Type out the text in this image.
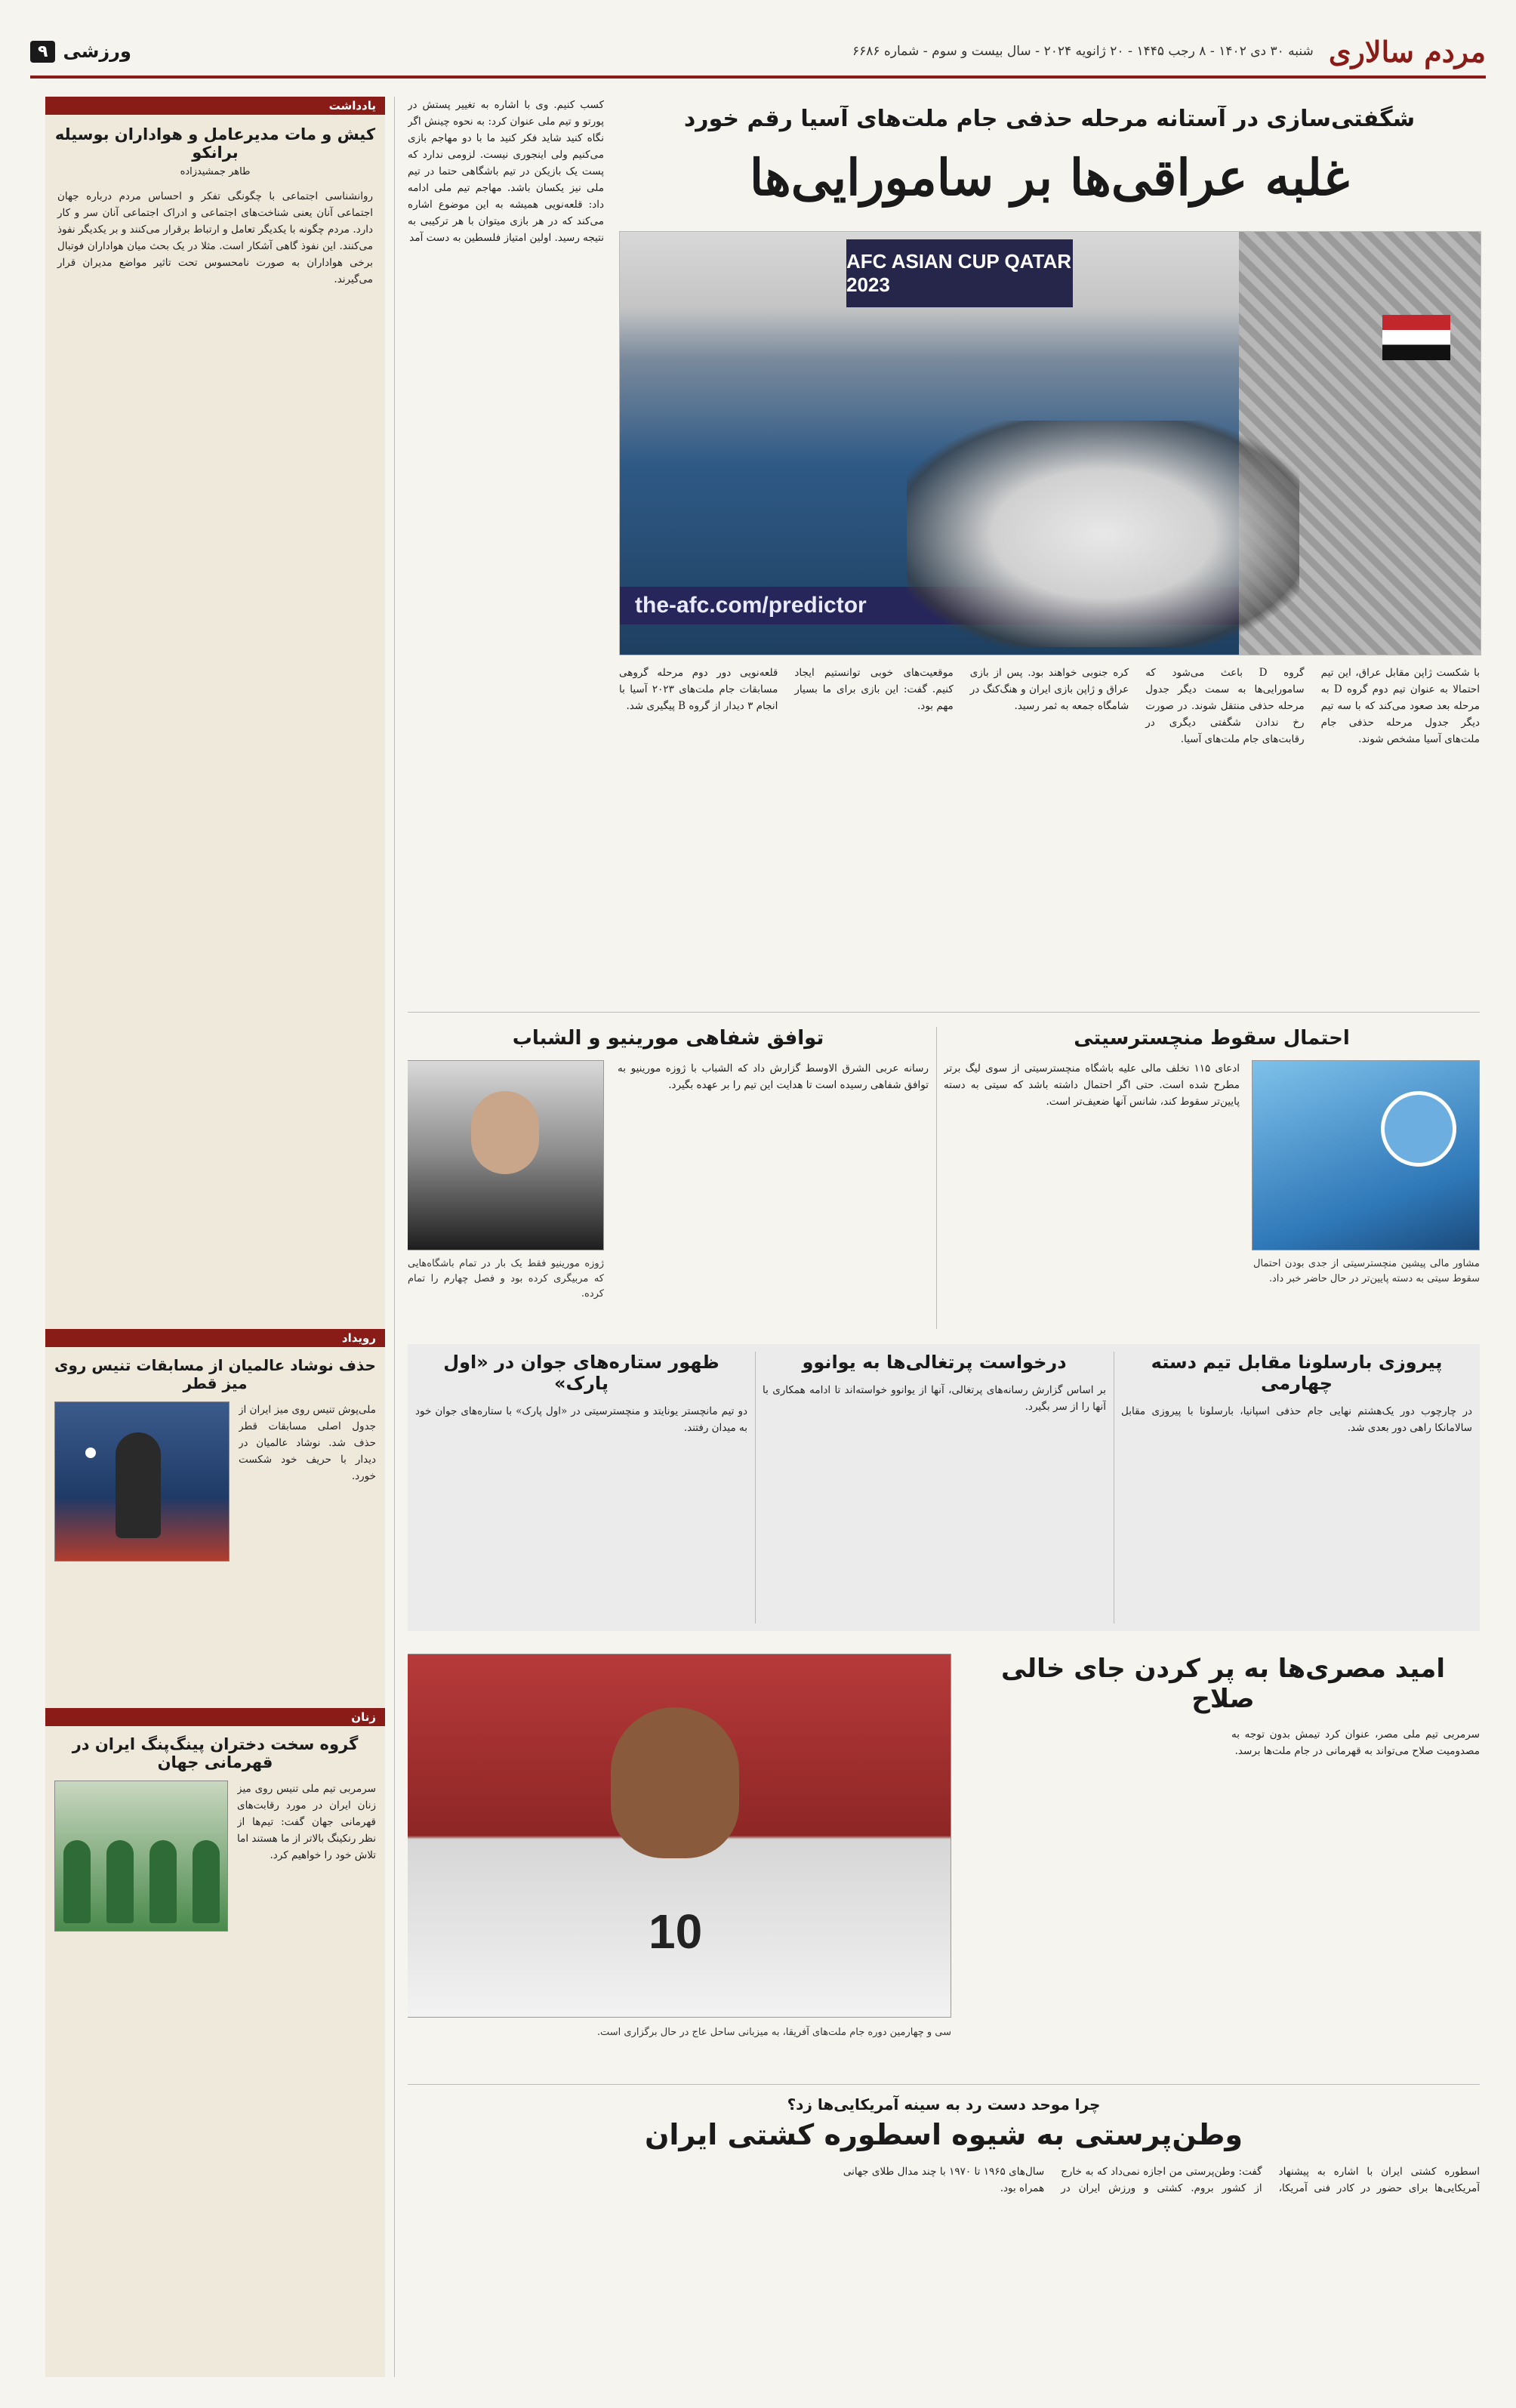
مردم سالاری
شنبه ۳۰ دی ۱۴۰۲ - ۸ رجب ۱۴۴۵ - ۲۰ ژانویه ۲۰۲۴ - سال بیست و سوم - شماره ۶۶۸۶
ورزشی
۹
یادداشت
کیش و مات مدیرعامل و هواداران بوسیله برانکو
طاهر جمشیدزاده
روانشناسی اجتماعی با چگونگی تفکر و احساس مردم درباره جهان اجتماعی آنان یعنی شناخت‌های اجتماعی و ادراک اجتماعی آنان سر و کار دارد. مردم چگونه با یکدیگر تعامل و ارتباط برقرار می‌کنند و بر یکدیگر نفوذ می‌کنند. این نفوذ گاهی آشکار است. مثلا در یک بحث میان هواداران فوتبال برخی هواداران به صورت نامحسوس تحت تاثیر مواضع مدیران قرار می‌گیرند.
رویداد
حذف نوشاد عالمیان از مسابقات تنیس روی میز قطر
ملی‌پوش تنیس روی میز ایران از جدول اصلی مسابقات قطر حذف شد. نوشاد عالمیان در دیدار با حریف خود شکست خورد.
زنان
گروه سخت دختران پینگ‌پنگ ایران در قهرمانی جهان
سرمربی تیم ملی تنیس روی میز زنان ایران در مورد رقابت‌های قهرمانی جهان گفت: تیم‌ها از نظر رنکینگ بالاتر از ما هستند اما تلاش خود را خواهیم کرد.
کسب کنیم. وی با اشاره به تغییر پستش در پورتو و تیم ملی عنوان کرد: به نحوه چینش اگر نگاه کنید شاید فکر کنید ما با دو مهاجم بازی می‌کنیم ولی اینجوری نیست. لزومی ندارد که پست یک بازیکن در تیم باشگاهی حتما در تیم ملی نیز یکسان باشد. مهاجم تیم ملی ادامه داد: قلعه‌نویی همیشه به این موضوع اشاره می‌کند که در هر بازی میتوان با هر ترکیبی به نتیجه رسید. اولین امتیاز فلسطین به دست آمد
شگفتی‌سازی در آستانه مرحله حذفی جام ملت‌های آسیا رقم خورد
غلبه عراقی‌ها بر سامورایی‌ها
AFC ASIAN CUP QATAR 2023
the-afc.com/predictor
با شکست ژاپن مقابل عراق، این تیم احتمالا به عنوان تیم دوم گروه D به مرحله بعد صعود می‌کند که با سه تیم دیگر جدول مرحله حذفی جام ملت‌های آسیا مشخص شوند.
گروه D باعث می‌شود که سامورایی‌ها به سمت دیگر جدول مرحله حذفی منتقل شوند. در صورت رخ ندادن شگفتی دیگری در رقابت‌های جام ملت‌های آسیا.
کره جنوبی خواهند بود. پس از بازی عراق و ژاپن بازی ایران و هنگ‌کنگ در شامگاه جمعه به ثمر رسید.
موقعیت‌های خوبی توانستیم ایجاد کنیم. گفت: این بازی برای ما بسیار مهم بود.
قلعه‌نویی دور دوم مرحله گروهی مسابقات جام ملت‌های ۲۰۲۳ آسیا با انجام ۳ دیدار از گروه B پیگیری شد.
احتمال سقوط منچسترسیتی
مشاور مالی پیشین منچسترسیتی از جدی بودن احتمال سقوط سیتی به دسته پایین‌تر در حال حاضر خبر داد.
ادعای ۱۱۵ تخلف مالی علیه باشگاه منچسترسیتی از سوی لیگ برتر مطرح شده است. حتی اگر احتمال داشته باشد که سیتی به دسته پایین‌تر سقوط کند، شانس آنها ضعیف‌تر است.
توافق شفاهی مورینیو و الشباب
رسانه عربی الشرق الاوسط گزارش داد که الشباب با ژوزه مورینیو به توافق شفاهی رسیده است تا هدایت این تیم را بر عهده بگیرد.
ژوزه مورینیو فقط یک بار در تمام باشگاه‌هایی که مربیگری کرده بود و فصل چهارم را تمام کرده.
پیروزی بارسلونا مقابل تیم دسته چهارمی
در چارچوب دور یک‌هشتم نهایی جام حذفی اسپانیا، بارسلونا با پیروزی مقابل سالامانکا راهی دور بعدی شد.
درخواست پرتغالی‌ها به یوانوو
بر اساس گزارش رسانه‌های پرتغالی، آنها از یوانوو خواسته‌اند تا ادامه همکاری با آنها را از سر بگیرد.
ظهور ستاره‌های جوان در «اول پارک»
دو تیم مانچستر یونایتد و منچسترسیتی در «اول پارک» با ستاره‌های جوان خود به میدان رفتند.
امید مصری‌ها به پر کردن جای خالی صلاح
سرمربی تیم ملی مصر، عنوان کرد تیمش بدون توجه به مصدومیت صلاح می‌تواند به قهرمانی در جام ملت‌ها برسد.
10
سی و چهارمین دوره جام ملت‌های آفریقا، به میزبانی ساحل عاج در حال برگزاری است.
چرا موحد دست رد به سینه آمریکایی‌ها زد؟
وطن‌پرستی به شیوه اسطوره کشتی ایران
اسطوره کشتی ایران با اشاره به پیشنهاد آمریکایی‌ها برای حضور در کادر فنی آمریکا، گفت: وطن‌پرستی من اجازه نمی‌داد که به خارج از کشور بروم. کشتی و ورزش ایران در سال‌های ۱۹۶۵ تا ۱۹۷۰ با چند مدال طلای جهانی همراه بود.
